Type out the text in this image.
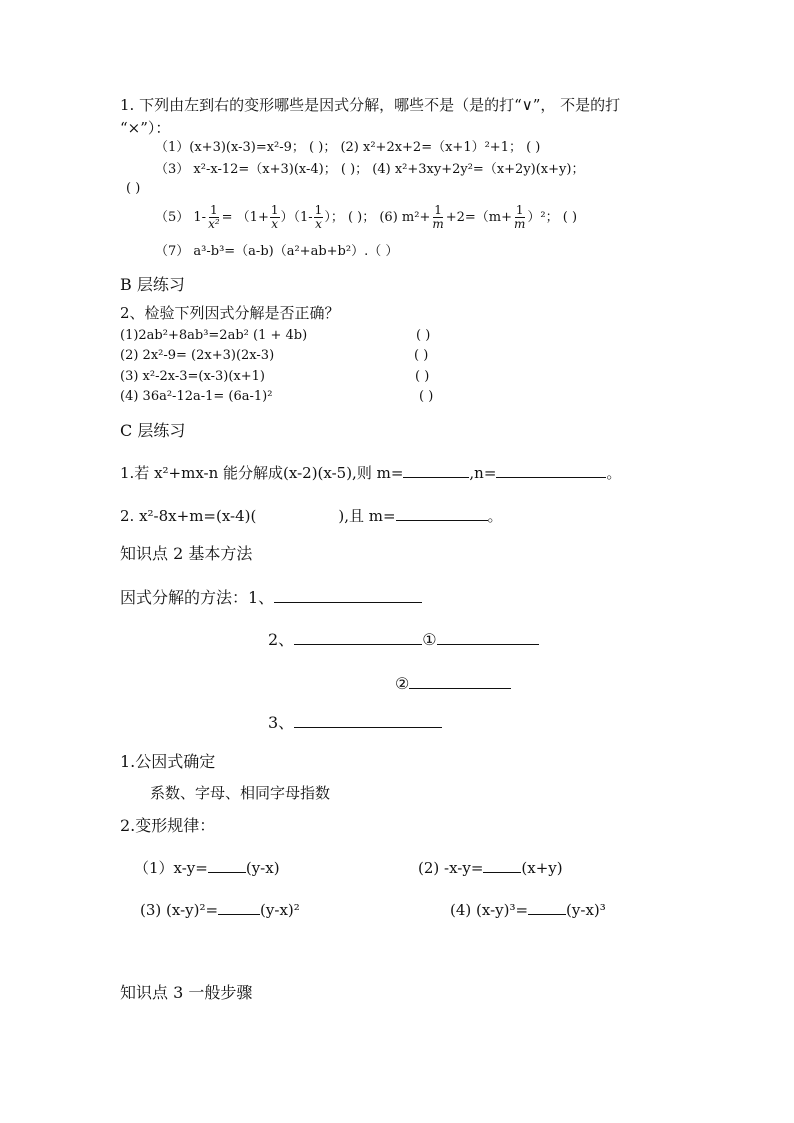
1. 下列由左到右的变形哪些是因式分解，哪些不是（是的打“∨”， 不是的打
“×”）：
（1）(x+3)(x-3)=x²-9； ( )； (2) x²+2x+2=（x+1）²+1； ( )
（3） x²-x-12=（x+3)(x-4)； ( )； (4) x²+3xy+2y²=（x+2y)(x+y)；
( )
（5） $1- \frac{1}{\text{x²}} = (1+ \frac{1}{x} )(1- \frac{1}{x}$ ）； ( )； (6) $m^2+ \frac{1}{m} +2=(m+ \frac{1}{m} )^2$； ( )
（7） a³-b³=（a-b)（a²+ab+b²）.（ ）
B 层练习
2、检验下列因式分解是否正确？
(1)2ab²+8ab³=2ab² (1 + 4b)	( )
(2) 2x²-9= (2x+3)(2x-3)	( )
(3) x²-2x-3=(x-3)(x+1)	( )
(4) 36a²-12a-1= (6a-1)²	( )
C 层练习
1.若 x²+mx-n 能分解成(x-2)(x-5),则 m=	,n=	。
2. x²-8x+m=(x-4)(	),且 m=	。
知识点 2 基本方法
因式分解的方法：1、
2、	①
②
3、
1.公因式确定
系数、字母、相同字母指数
2.变形规律：
（1）x-y=	(y-x)	(2) -x-y=	(x+y)
(3) (x-y)²=	(y-x)²	(4) (x-y)³=	(y-x)³
知识点 3 一般步骤
